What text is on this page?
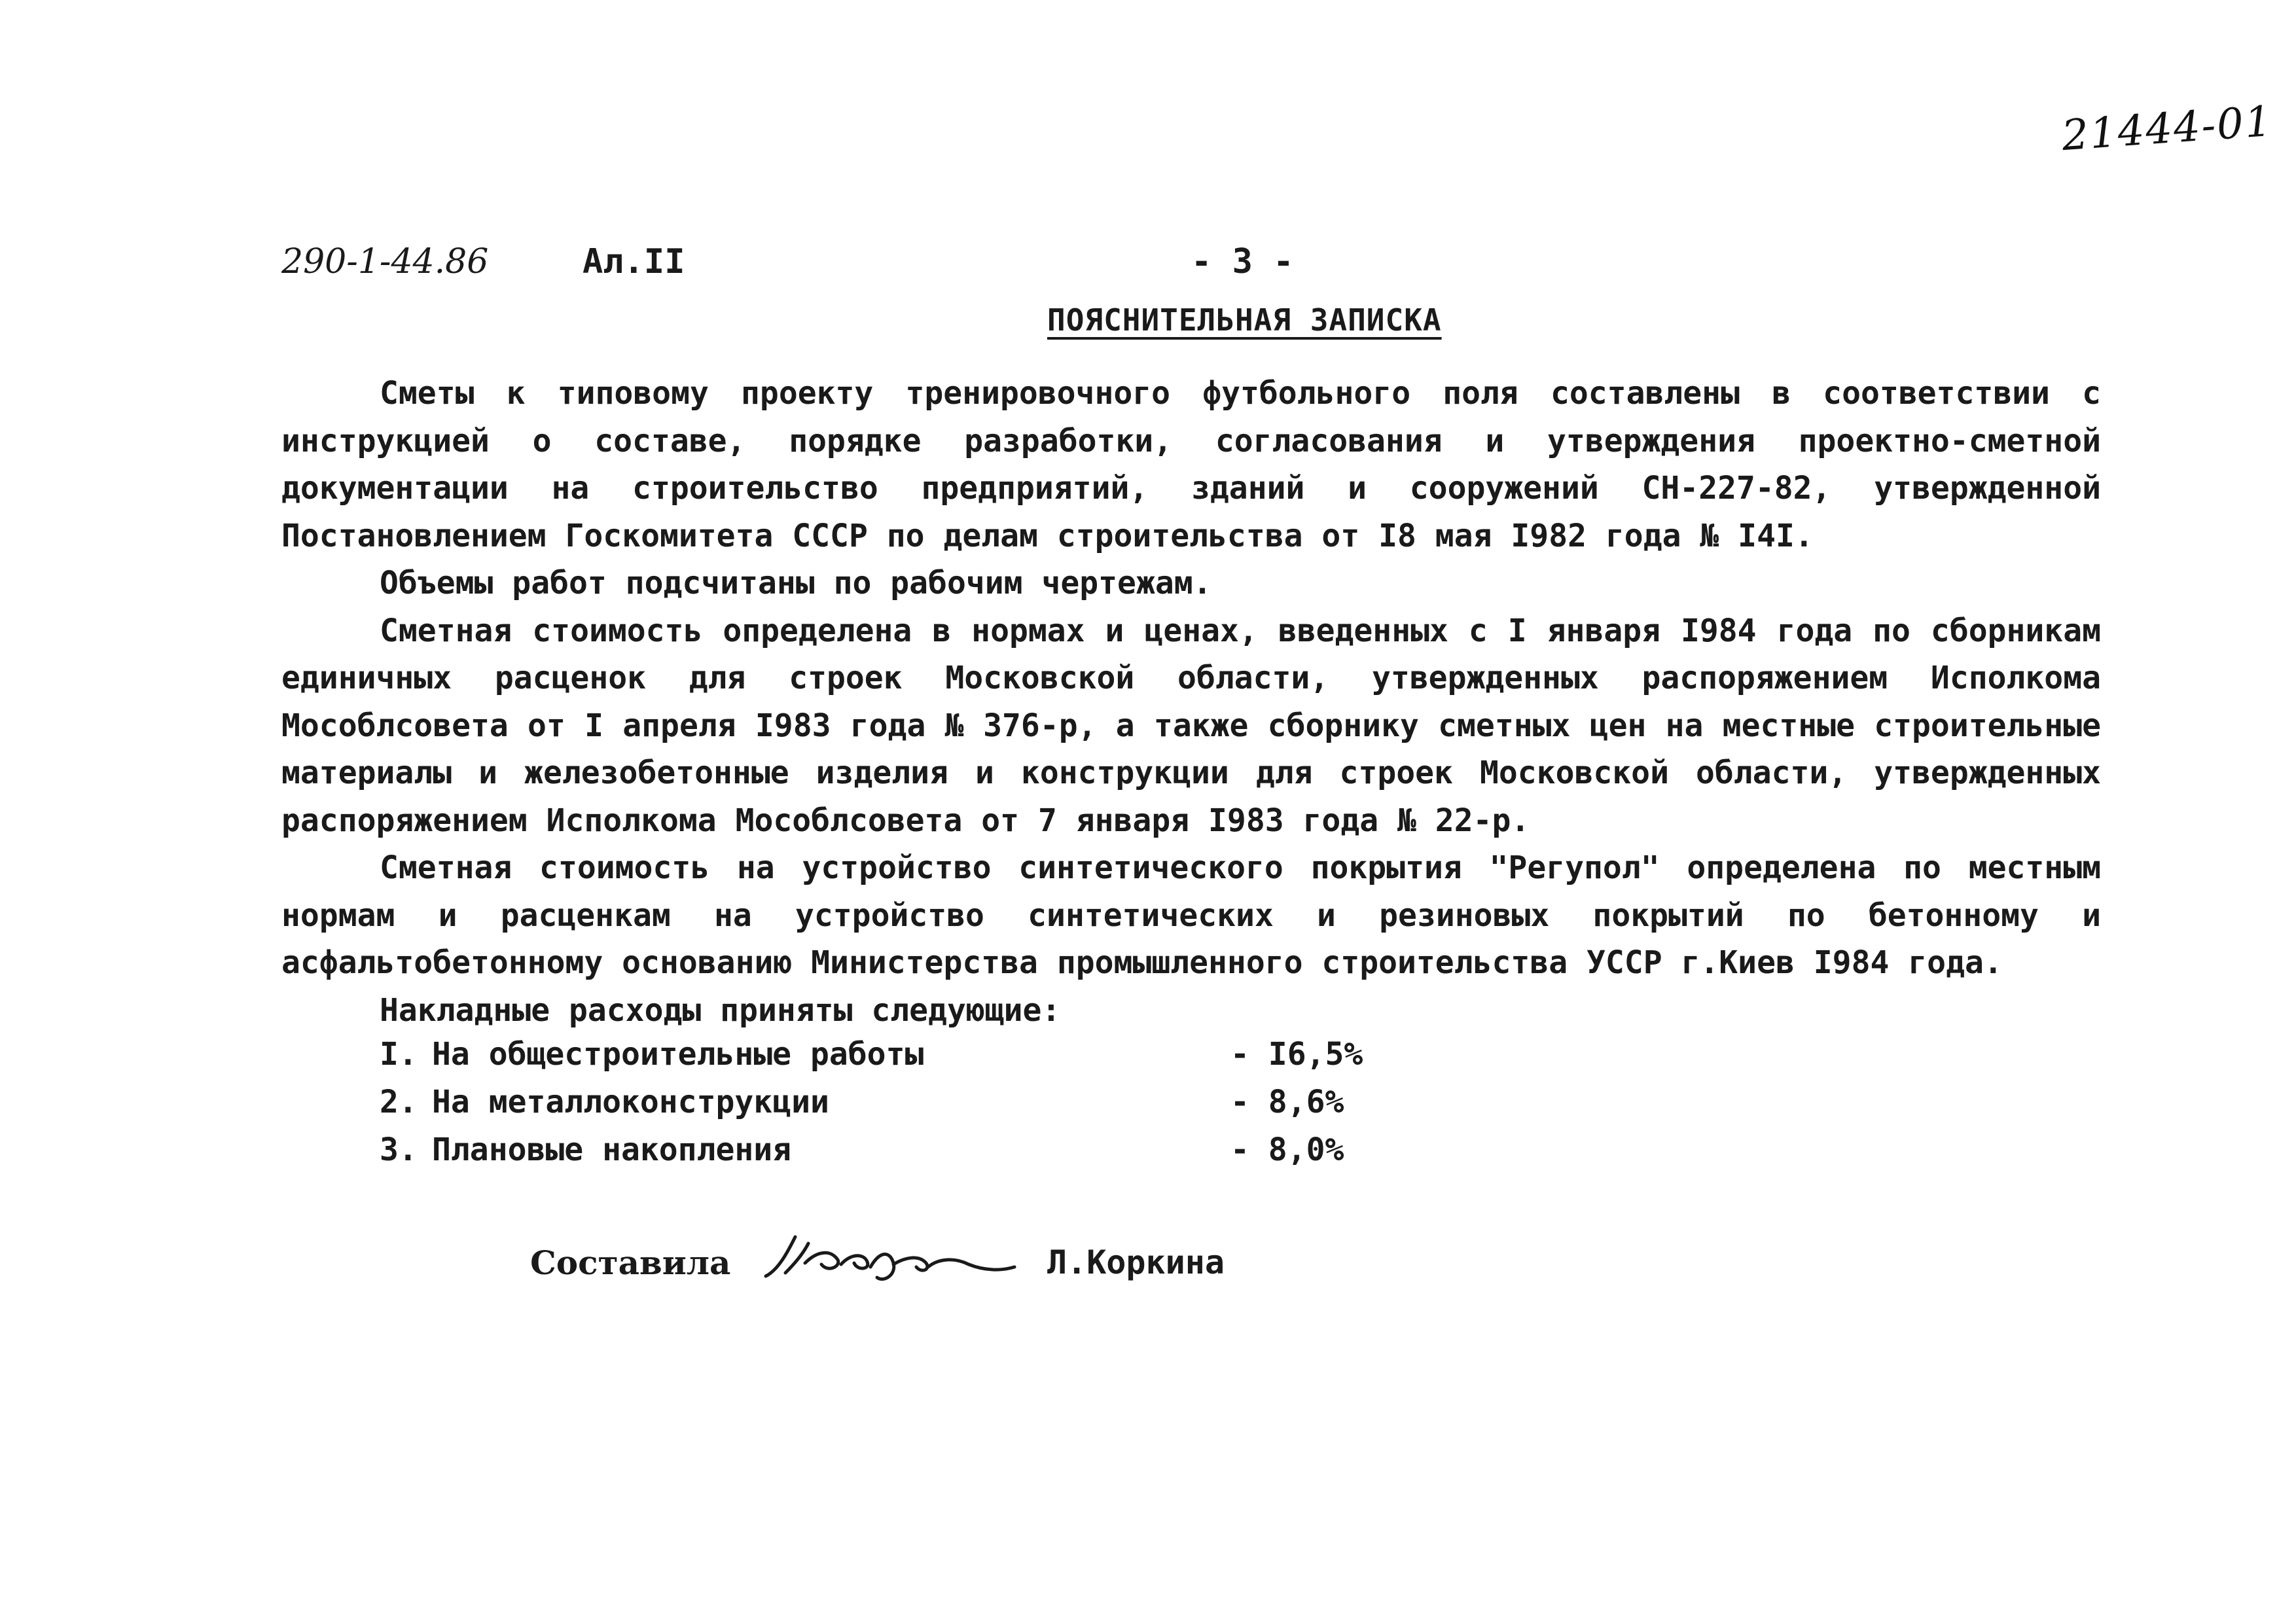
21444-01
290-1-44.86	Ал.II	- 3 -
ПОЯСНИТЕЛЬНАЯ ЗАПИСКА

Сметы к типовому проекту тренировочного футбольного поля составлены в соответствии с инструкцией о составе, порядке разработки, согласования и утверждения проектно-сметной документации на строительство предприятий, зданий и сооружений СН-227-82, утвержденной Постановлением Госкомитета СССР по делам строительства от I8 мая I982 года № I4I.

Объемы работ подсчитаны по рабочим чертежам.

Сметная стоимость определена в нормах и ценах, введенных с I января I984 года по сборникам единичных расценок для строек Московской области, утвержденных распоряжением Исполкома Мособлсовета от I апреля I983 года № 376-р, а также сборнику сметных цен на местные строительные материалы и железобетонные изделия и конструкции для строек Московской области, утвержденных распоряжением Исполкома Мособлсовета от 7 января I983 года № 22-р.

Сметная стоимость на устройство синтетического покрытия "Регупол" определена по местным нормам и расценкам на устройство синтетических и резиновых покрытий по бетонному и асфальтобетонному основанию Министерства промышленного строительства УССР г.Киев I984 года.

Накладные расходы приняты следующие:

I. На общестроительные работы	- I6,5%
2. На металлоконструкции	- 8,6%
3. Плановые накопления	- 8,0%
Составила	Л.Коркина
